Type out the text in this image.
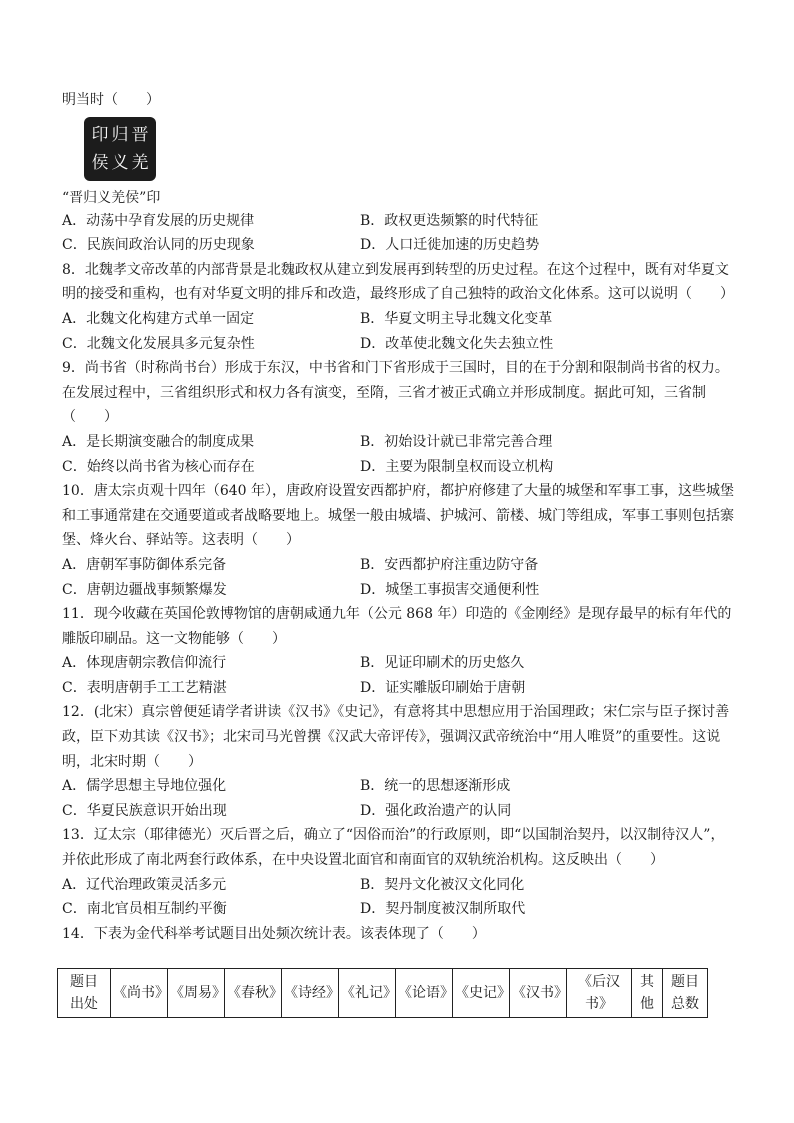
明当时（　　）
印 归 晋
侯 义 羌
“晋归义羌侯”印
A．动荡中孕育发展的历史规律	B．政权更迭频繁的时代特征
C．民族间政治认同的历史现象	D．人口迁徙加速的历史趋势
8．北魏孝文帝改革的内部背景是北魏政权从建立到发展再到转型的历史过程。在这个过程中，既有对华夏文
明的接受和重构，也有对华夏文明的排斥和改造，最终形成了自己独特的政治文化体系。这可以说明（　　）
A．北魏文化构建方式单一固定	B．华夏文明主导北魏文化变革
C．北魏文化发展具多元复杂性	D．改革使北魏文化失去独立性
9．尚书省（时称尚书台）形成于东汉，中书省和门下省形成于三国时，目的在于分割和限制尚书省的权力。
在发展过程中，三省组织形式和权力各有演变，至隋，三省才被正式确立并形成制度。据此可知，三省制
（　　）
A．是长期演变融合的制度成果	B．初始设计就已非常完善合理
C．始终以尚书省为核心而存在	D．主要为限制皇权而设立机构
10．唐太宗贞观十四年（640 年），唐政府设置安西都护府，都护府修建了大量的城堡和军事工事，这些城堡
和工事通常建在交通要道或者战略要地上。城堡一般由城墙、护城河、箭楼、城门等组成，军事工事则包括寨
堡、烽火台、驿站等。这表明（　　）
A．唐朝军事防御体系完备	B．安西都护府注重边防守备
C．唐朝边疆战事频繁爆发	D．城堡工事损害交通便利性
11．现今收藏在英国伦敦博物馆的唐朝咸通九年（公元 868 年）印造的《金刚经》是现存最早的标有年代的
雕版印刷品。这一文物能够（　　）
A．体现唐朝宗教信仰流行	B．见证印刷术的历史悠久
C．表明唐朝手工工艺精湛	D．证实雕版印刷始于唐朝
12．(北宋）真宗曾便延请学者讲读《汉书》《史记》，有意将其中思想应用于治国理政；宋仁宗与臣子探讨善
政，臣下劝其读《汉书》；北宋司马光曾撰《汉武大帝评传》，强调汉武帝统治中“用人唯贤”的重要性。这说
明，北宋时期（　　）
A．儒学思想主导地位强化	B．统一的思想逐渐形成
C．华夏民族意识开始出现	D．强化政治遗产的认同
13．辽太宗（耶律德光）灭后晋之后，确立了“因俗而治”的行政原则，即“以国制治契丹，以汉制待汉人”，
并依此形成了南北两套行政体系，在中央设置北面官和南面官的双轨统治机构。这反映出（　　）
A．辽代治理政策灵活多元	B．契丹文化被汉文化同化
C．南北官员相互制约平衡	D．契丹制度被汉制所取代
14．下表为金代科举考试题目出处频次统计表。该表体现了（　　）
题目
出处	《尚书》	《周易》	《春秋》	《诗经》	《礼记》	《论语》	《史记》	《汉书》	《后汉
书》	其
他	题目
总数
